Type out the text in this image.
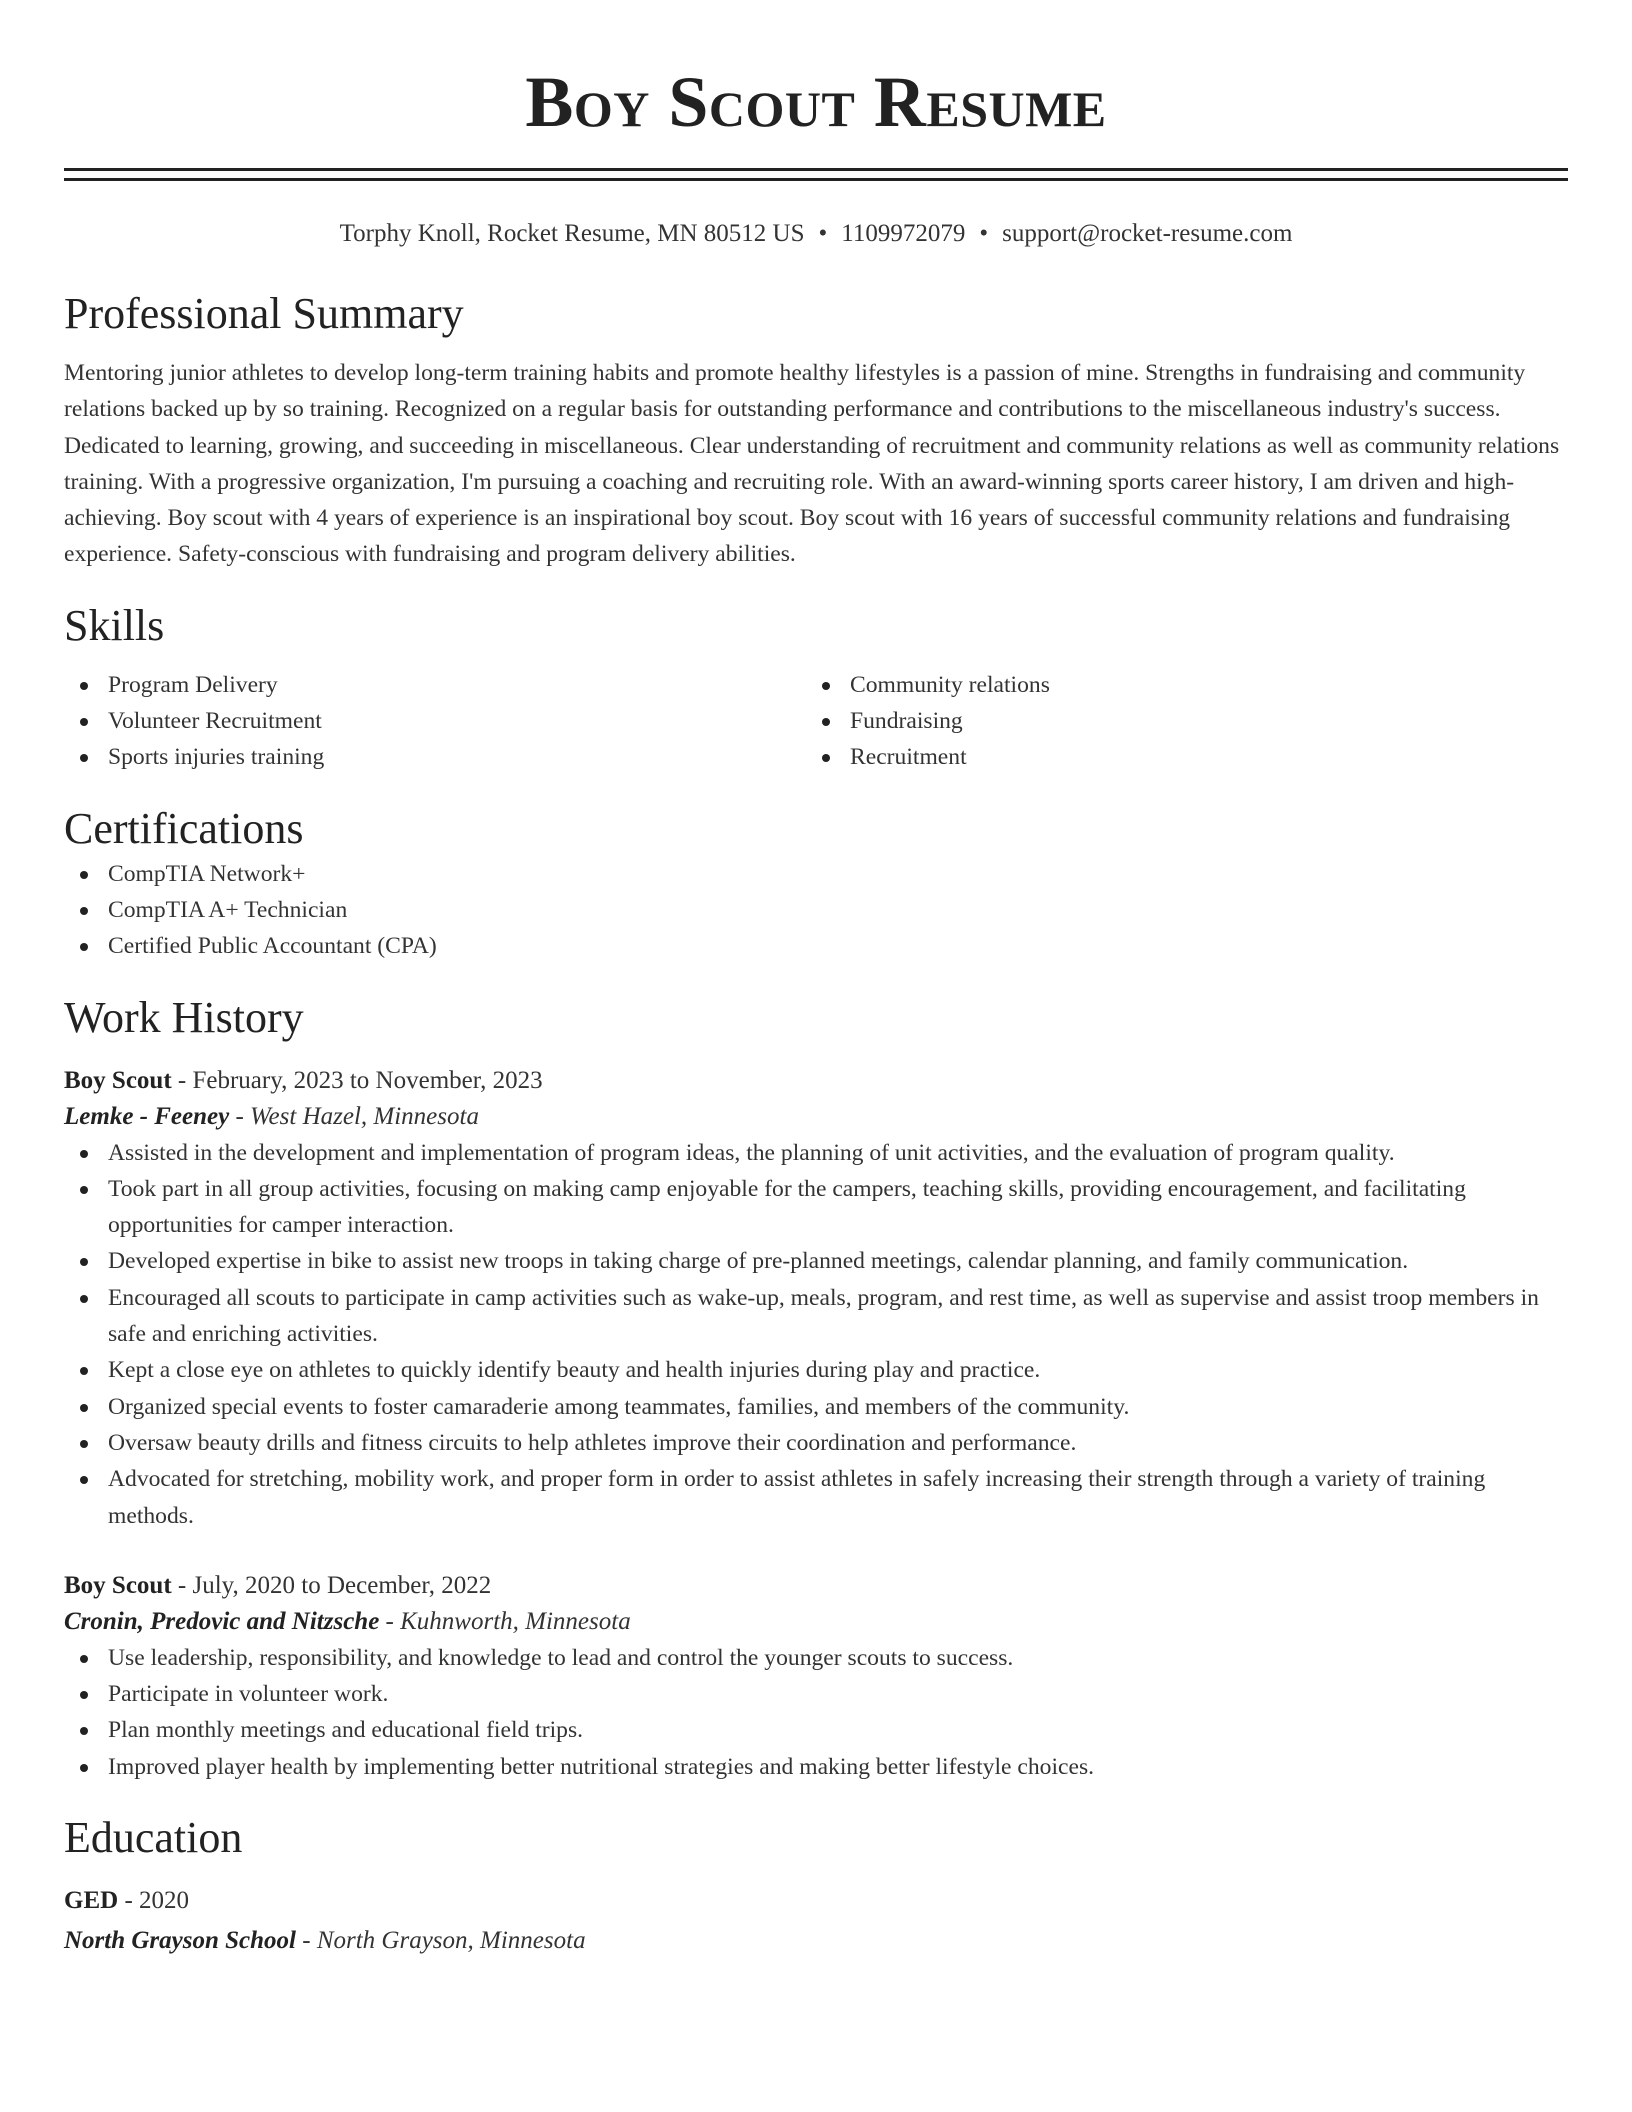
Boy Scout Resume
Torphy Knoll, Rocket Resume, MN 80512 US • 1109972079 • support@rocket-resume.com
Professional Summary
Mentoring junior athletes to develop long-term training habits and promote healthy lifestyles is a passion of mine. Strengths in fundraising and community relations backed up by so training. Recognized on a regular basis for outstanding performance and contributions to the miscellaneous industry's success. Dedicated to learning, growing, and succeeding in miscellaneous. Clear understanding of recruitment and community relations as well as community relations training. With a progressive organization, I'm pursuing a coaching and recruiting role. With an award-winning sports career history, I am driven and high-achieving. Boy scout with 4 years of experience is an inspirational boy scout. Boy scout with 16 years of successful community relations and fundraising experience. Safety-conscious with fundraising and program delivery abilities.
Skills
Program Delivery
Volunteer Recruitment
Sports injuries training
Community relations
Fundraising
Recruitment
Certifications
CompTIA Network+
CompTIA A+ Technician
Certified Public Accountant (CPA)
Work History
Boy Scout - February, 2023 to November, 2023
Lemke - Feeney - West Hazel, Minnesota
Assisted in the development and implementation of program ideas, the planning of unit activities, and the evaluation of program quality.
Took part in all group activities, focusing on making camp enjoyable for the campers, teaching skills, providing encouragement, and facilitating opportunities for camper interaction.
Developed expertise in bike to assist new troops in taking charge of pre-planned meetings, calendar planning, and family communication.
Encouraged all scouts to participate in camp activities such as wake-up, meals, program, and rest time, as well as supervise and assist troop members in safe and enriching activities.
Kept a close eye on athletes to quickly identify beauty and health injuries during play and practice.
Organized special events to foster camaraderie among teammates, families, and members of the community.
Oversaw beauty drills and fitness circuits to help athletes improve their coordination and performance.
Advocated for stretching, mobility work, and proper form in order to assist athletes in safely increasing their strength through a variety of training methods.
Boy Scout - July, 2020 to December, 2022
Cronin, Predovic and Nitzsche - Kuhnworth, Minnesota
Use leadership, responsibility, and knowledge to lead and control the younger scouts to success.
Participate in volunteer work.
Plan monthly meetings and educational field trips.
Improved player health by implementing better nutritional strategies and making better lifestyle choices.
Education
GED - 2020
North Grayson School - North Grayson, Minnesota
